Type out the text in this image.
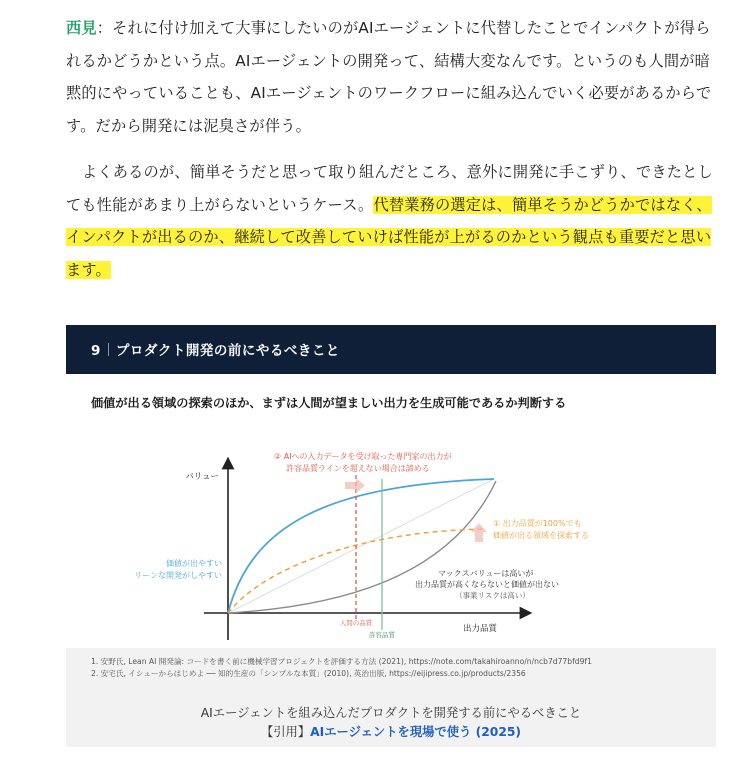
西見：それに付け加えて大事にしたいのがAIエージェントに代替したことでインパクトが得られるかどうかという点。AIエージェントの開発って、結構大変なんです。というのも人間が暗黙的にやっていることも、AIエージェントのワークフローに組み込んでいく必要があるからです。だから開発には泥臭さが伴う。

よくあるのが、簡単そうだと思って取り組んだところ、意外に開発に手こずり、できたとしても性能があまり上がらないというケース。代替業務の選定は、簡単そうかどうかではなく、インパクトが出るのか、継続して改善していけば性能が上がるのかという観点も重要だと思います。

9 プロダクト開発の前にやるべきこと
価値が出る領域の探索のほか、まずは人間が望ましい出力を生成可能であるか判断する
バリュー
出力品質
人間の品質
許容品質
② AIへの入力データを受け取った専門家の出力が
許容品質ラインを超えない場合は諦める
① 出力品質が100%でも
価値が出る領域を探索する
価値が出やすい
リーンな開発がしやすい	マックスバリューは高いが
出力品質が高くならないと価値が出ない
（事業リスクは高い）
1. 安野氏, Lean AI 開発論: コードを書く前に機械学習プロジェクトを評価する方法 (2021), https://note.com/takahiroanno/n/ncb7d77bfd9f1
2. 安宅氏, イシューからはじめよ ── 知的生産の「シンプルな本質」(2010), 英治出版, https://eijipress.co.jp/products/2356
AIエージェントを組み込んだプロダクトを開発する前にやるべきこと
【引用】AIエージェントを現場で使う (2025)
